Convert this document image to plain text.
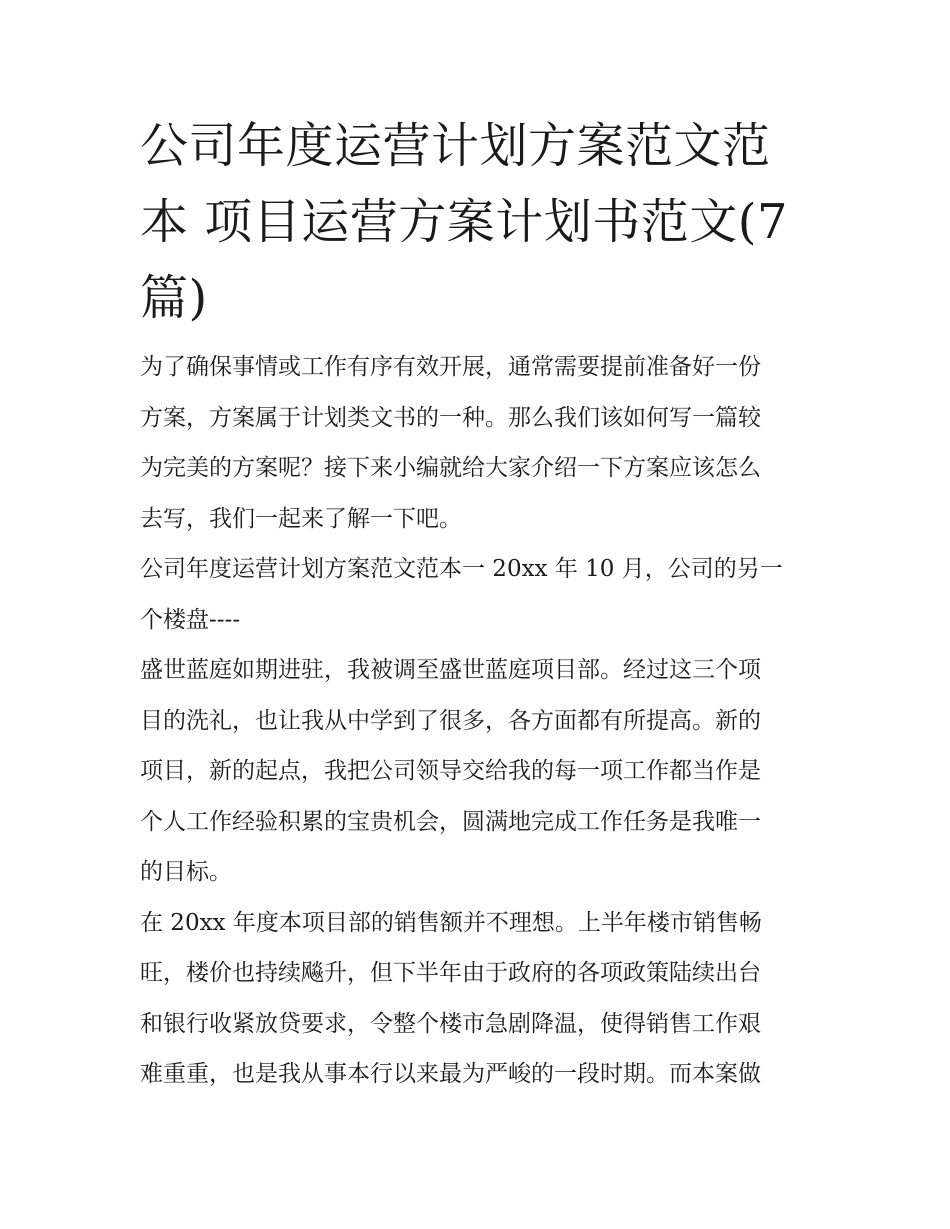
公司年度运营计划方案范文范
本 项目运营方案计划书范文(7
篇)

为了确保事情或工作有序有效开展，通常需要提前准备好一份
方案，方案属于计划类文书的一种。那么我们该如何写一篇较
为完美的方案呢？接下来小编就给大家介绍一下方案应该怎么
去写，我们一起来了解一下吧。

公司年度运营计划方案范文范本一 20xx 年 10 月，公司的另一
个楼盘----

盛世蓝庭如期进驻，我被调至盛世蓝庭项目部。经过这三个项
目的洗礼，也让我从中学到了很多，各方面都有所提高。新的
项目，新的起点，我把公司领导交给我的每一项工作都当作是
个人工作经验积累的宝贵机会，圆满地完成工作任务是我唯一
的目标。

在 20xx 年度本项目部的销售额并不理想。上半年楼市销售畅
旺，楼价也持续飚升，但下半年由于政府的各项政策陆续出台
和银行收紧放贷要求，令整个楼市急剧降温，使得销售工作艰
难重重，也是我从事本行以来最为严峻的一段时期。而本案做
